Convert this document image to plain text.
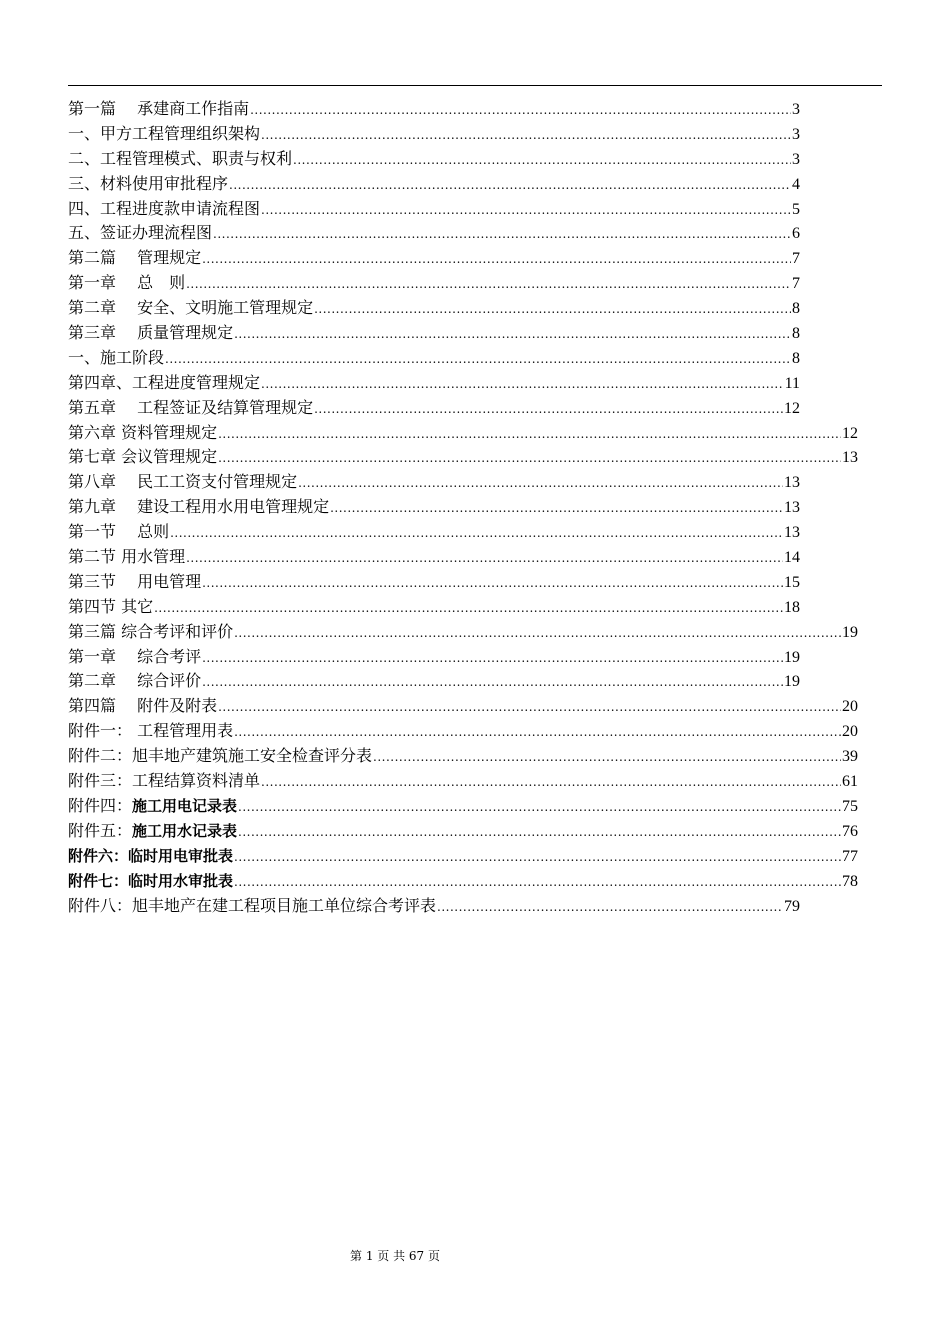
第一篇　 承建商工作指南 .....	3
一、甲方工程管理组织架构 .....	3
二、工程管理模式、职责与权利 .....	3
三、材料使用审批程序 .....	4
四、工程进度款申请流程图 .....	5
五、签证办理流程图 .....	6
第二篇　 管理规定 .....	7
第一章　 总　则 .....	7
第二章　 安全、文明施工管理规定 .....	8
第三章　 质量管理规定 .....	8
一、施工阶段 .....	8
第四章、工程进度管理规定 .....	11
第五章　 工程签证及结算管理规定 .....	12
第六章 资料管理规定 .....	12
第七章 会议管理规定 .....	13
第八章　 民工工资支付管理规定 .....	13
第九章　 建设工程用水用电管理规定 .....	13
第一节　 总则 .....	13
第二节 用水管理 .....	14
第三节　 用电管理 .....	15
第四节 其它 .....	18
第三篇 综合考评和评价 .....	19
第一章　 综合考评 .....	19
第二章　 综合评价 .....	19
第四篇　 附件及附表 .....	20
附件一： 工程管理用表 .....	20
附件二：旭丰地产建筑施工安全检查评分表 .....	39
附件三：工程结算资料清单 .....	61
附件四：施工用电记录表 .....	75
附件五：施工用水记录表 .....	76
附件六：临时用电审批表 .....	77
附件七：临时用水审批表 .....	78
附件八：旭丰地产在建工程项目施工单位综合考评表 .....	79
第 1 页 共 67 页
